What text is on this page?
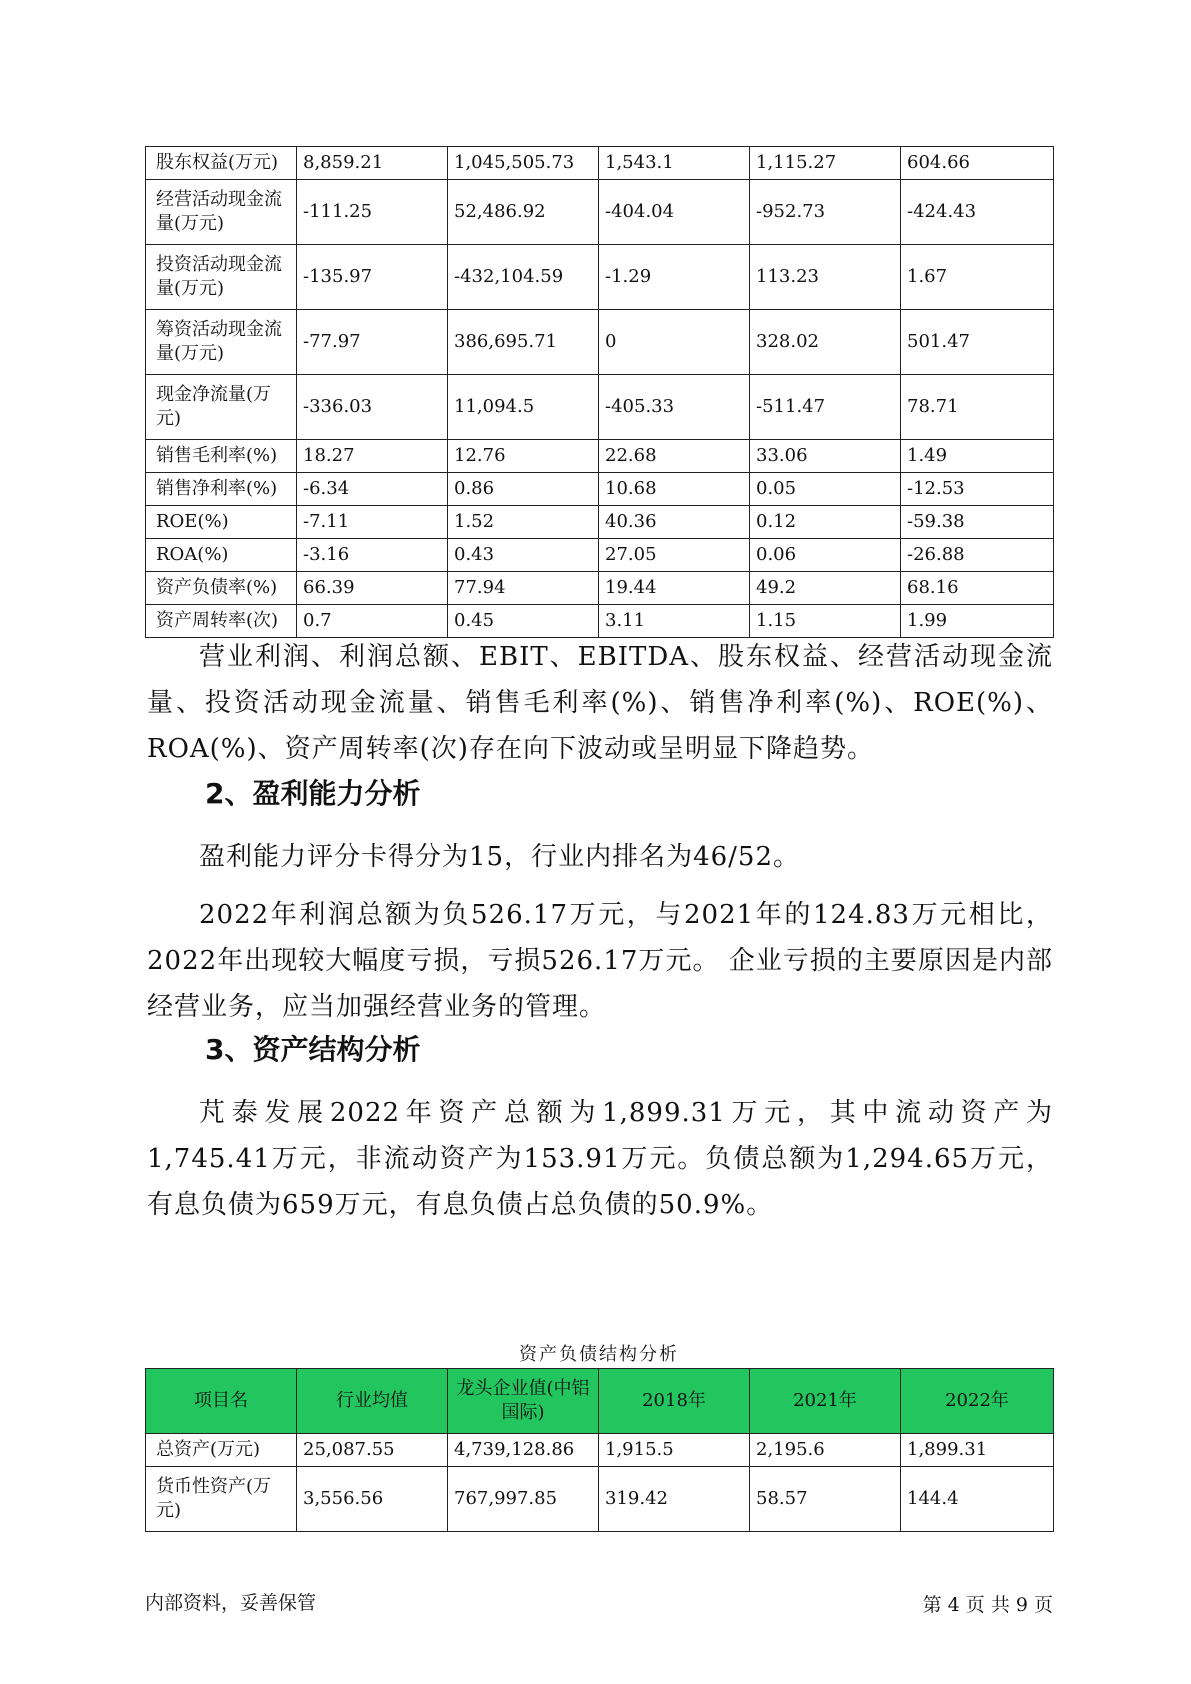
股东权益(万元)	8,859.21	1,045,505.73	1,543.1	1,115.27	604.66
经营活动现金流量(万元)	-111.25	52,486.92	-404.04	-952.73	-424.43
投资活动现金流量(万元)	-135.97	-432,104.59	-1.29	113.23	1.67
筹资活动现金流量(万元)	-77.97	386,695.71	0	328.02	501.47
现金净流量(万元)	-336.03	11,094.5	-405.33	-511.47	78.71
销售毛利率(%)	18.27	12.76	22.68	33.06	1.49
销售净利率(%)	-6.34	0.86	10.68	0.05	-12.53
ROE(%)	-7.11	1.52	40.36	0.12	-59.38
ROA(%)	-3.16	0.43	27.05	0.06	-26.88
资产负债率(%)	66.39	77.94	19.44	49.2	68.16
资产周转率(次)	0.7	0.45	3.11	1.15	1.99

营业利润、利润总额、EBIT、EBITDA、股东权益、经营活动现金流量、投资活动现金流量、销售毛利率(%)、销售净利率(%)、ROE(%)、ROA(%)、资产周转率(次)存在向下波动或呈明显下降趋势。

2、盈利能力分析

盈利能力评分卡得分为15，行业内排名为46/52。

2022年利润总额为负526.17万元，与2021年的124.83万元相比，2022年出现较大幅度亏损，亏损526.17万元。 企业亏损的主要原因是内部经营业务，应当加强经营业务的管理。

3、资产结构分析

芃泰发展2022年资产总额为1,899.31万元，其中流动资产为1,745.41万元，非流动资产为153.91万元。负债总额为1,294.65万元，有息负债为659万元，有息负债占总负债的50.9%。

资产负债结构分析
项目名	行业均值	龙头企业值(中铝国际)	2018年	2021年	2022年
总资产(万元)	25,087.55	4,739,128.86	1,915.5	2,195.6	1,899.31
货币性资产(万元)	3,556.56	767,997.85	319.42	58.57	144.4
内部资料，妥善保管	第 4 页 共 9 页
